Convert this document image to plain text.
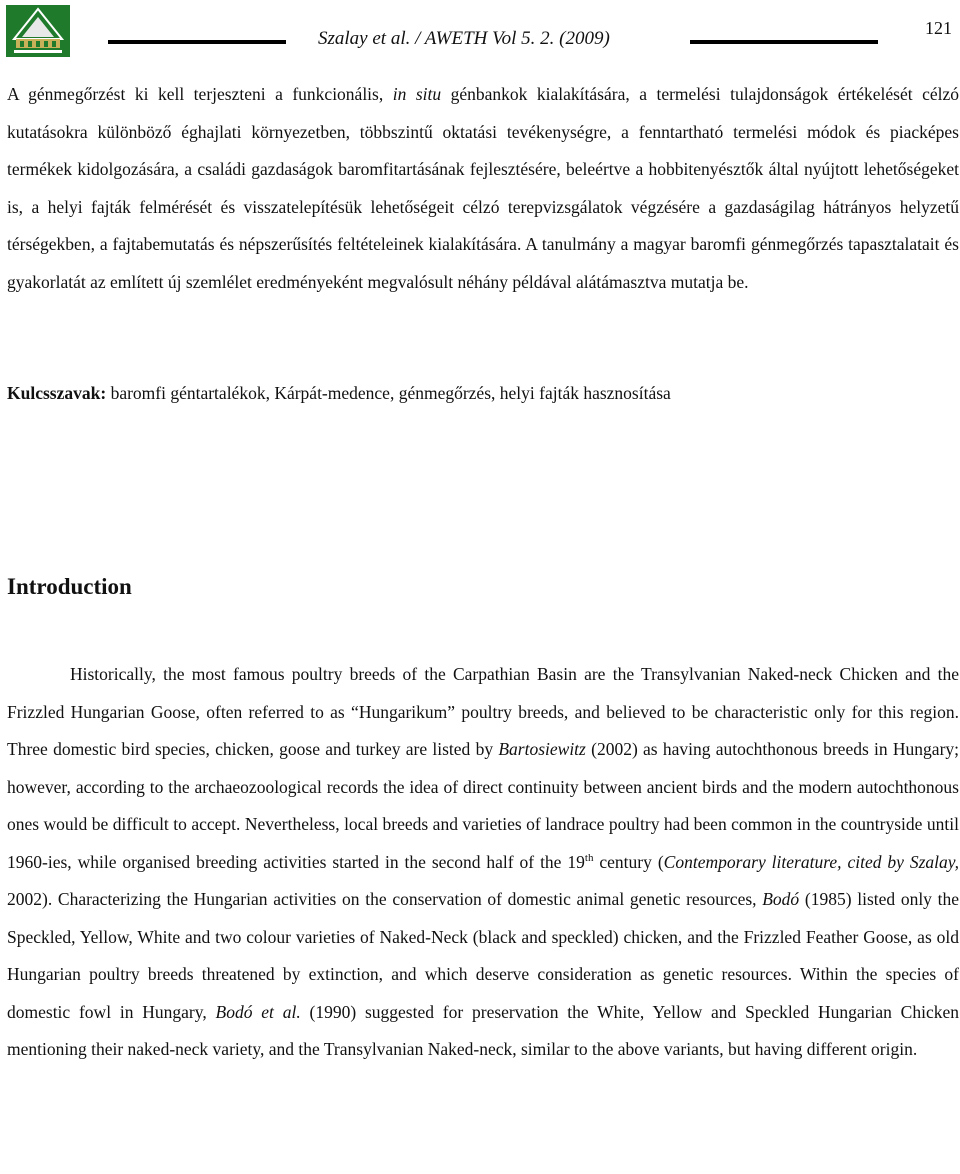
Szalay et al. / AWETH Vol 5. 2. (2009)	121

A génmegőrzést ki kell terjeszteni a funkcionális, in situ génbankok kialakítására, a termelési tulajdonságok értékelését célzó kutatásokra különböző éghajlati környezetben, többszintű oktatási tevékenységre, a fenntartható termelési módok és piacképes termékek kidolgozására, a családi gazdaságok baromfitartásának fejlesztésére, beleértve a hobbitenyésztők által nyújtott lehetőségeket is, a helyi fajták felmérését és visszatelepítésük lehetőségeit célzó terepvizsgálatok végzésére a gazdaságilag hátrányos helyzetű térségekben, a fajtabemutatás és népszerűsítés feltételeinek kialakítására. A tanulmány a magyar baromfi génmegőrzés tapasztalatait és gyakorlatát az említett új szemlélet eredményeként megvalósult néhány példával alátámasztva mutatja be.

Kulcsszavak: baromfi géntartalékok, Kárpát-medence, génmegőrzés, helyi fajták hasznosítása

Introduction

Historically, the most famous poultry breeds of the Carpathian Basin are the Transylvanian Naked-neck Chicken and the Frizzled Hungarian Goose, often referred to as “Hungarikum” poultry breeds, and believed to be characteristic only for this region. Three domestic bird species, chicken, goose and turkey are listed by Bartosiewitz (2002) as having autochthonous breeds in Hungary; however, according to the archaeozoological records the idea of direct continuity between ancient birds and the modern autochthonous ones would be difficult to accept. Nevertheless, local breeds and varieties of landrace poultry had been common in the countryside until 1960-ies, while organised breeding activities started in the second half of the 19th century (Contemporary literature, cited by Szalay, 2002). Characterizing the Hungarian activities on the conservation of domestic animal genetic resources, Bodó (1985) listed only the Speckled, Yellow, White and two colour varieties of Naked-Neck (black and speckled) chicken, and the Frizzled Feather Goose, as old Hungarian poultry breeds threatened by extinction, and which deserve consideration as genetic resources. Within the species of domestic fowl in Hungary, Bodó et al. (1990) suggested for preservation the White, Yellow and Speckled Hungarian Chicken mentioning their naked-neck variety, and the Transylvanian Naked-neck, similar to the above variants, but having different origin.
